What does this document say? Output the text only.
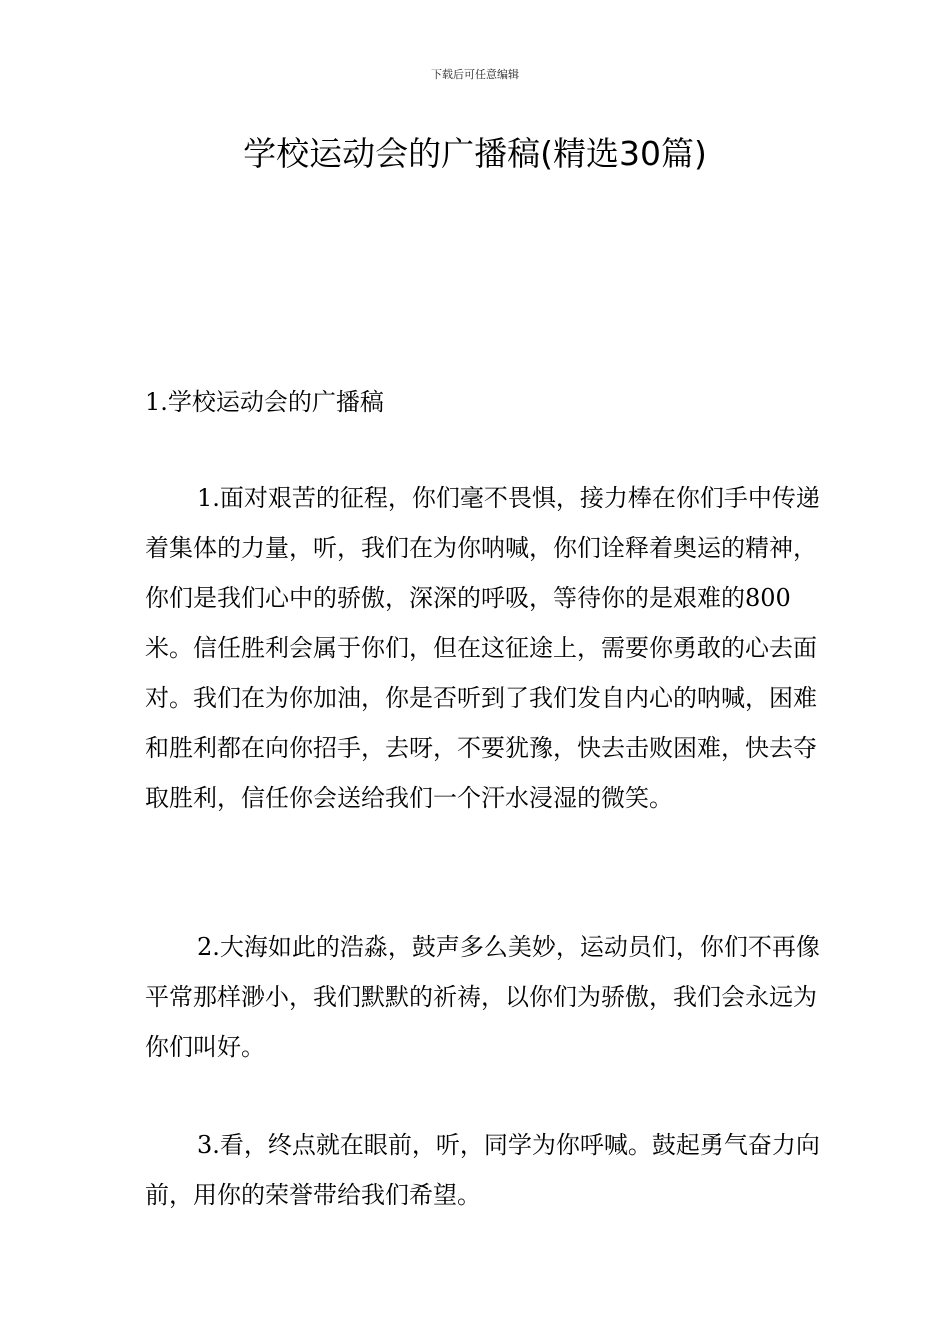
下载后可任意编辑
学校运动会的广播稿(精选30篇)
1.学校运动会的广播稿

1.面对艰苦的征程，你们毫不畏惧，接力棒在你们手中传递着集体的力量，听，我们在为你呐喊，你们诠释着奥运的精神，你们是我们心中的骄傲，深深的呼吸，等待你的是艰难的800米。信任胜利会属于你们，但在这征途上，需要你勇敢的心去面对。我们在为你加油，你是否听到了我们发自内心的呐喊，困难和胜利都在向你招手，去呀，不要犹豫，快去击败困难，快去夺取胜利，信任你会送给我们一个汗水浸湿的微笑。

2.大海如此的浩淼，鼓声多么美妙，运动员们，你们不再像平常那样渺小，我们默默的祈祷，以你们为骄傲，我们会永远为你们叫好。

3.看，终点就在眼前，听，同学为你呼喊。鼓起勇气奋力向前，用你的荣誉带给我们希望。
